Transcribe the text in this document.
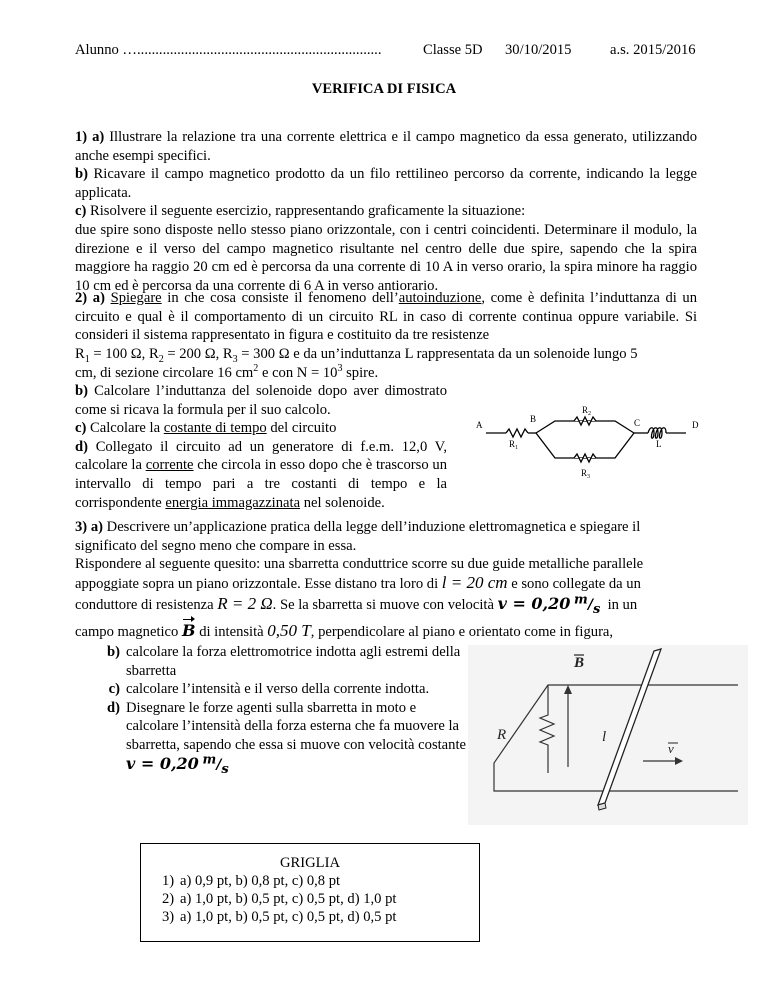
Alunno …...................................................................	Classe 5D 30/10/2015	a.s. 2015/2016
VERIFICA DI FISICA
1) a) Illustrare la relazione tra una corrente elettrica e il campo magnetico da essa generato, utilizzando anche esempi specifici.
b) Ricavare il campo magnetico prodotto da un filo rettilineo percorso da corrente, indicando la legge applicata.
c) Risolvere il seguente esercizio, rappresentando graficamente la situazione:
due spire sono disposte nello stesso piano orizzontale, con i centri coincidenti. Determinare il modulo, la direzione e il verso del campo magnetico risultante nel centro delle due spire, sapendo che la spira maggiore ha raggio 20 cm ed è percorsa da una corrente di 10 A in verso orario, la spira minore ha raggio 10 cm ed è percorsa da una corrente di 6 A in verso antiorario.
2) a) Spiegare in che cosa consiste il fenomeno dell’autoinduzione, come è definita l’induttanza di un circuito e qual è il comportamento di un circuito RL in caso di corrente continua oppure variabile. Si consideri il sistema rappresentato in figura e costituito da tre resistenze
$R_1 = 100$ Ω, $R_2 = 200$ Ω, $R_3 = 300$ Ω e da un’induttanza L rappresentata da un solenoide lungo 5
cm, di sezione circolare 16 $cm^2$ e con $N = 10^3$ spire.
b) Calcolare l’induttanza del solenoide dopo aver dimostrato come si ricava la formula per il suo calcolo.
c) Calcolare la costante di tempo del circuito
d) Collegato il circuito ad un generatore di f.e.m. 12,0 V, calcolare la corrente che circola in esso dopo che è trascorso un intervallo di tempo pari a tre costanti di tempo e la corrispondente energia immagazzinata nel solenoide.
A
B	C	D
R 1
R 2
R 3
L
3) a) Descrivere un’applicazione pratica della legge dell’induzione elettromagnetica e spiegare il significato del segno meno che compare in essa.
Rispondere al seguente quesito: una sbarretta conduttrice scorre su due guide metalliche parallele appoggiate sopra un piano orizzontale. Esse distano tra loro di l = 20 cm e sono collegate da un
conduttore di resistenza R = 2 Ω. Se la sbarretta si muove con velocità v = 0,20 $^m/_s$ in un
campo magnetico B di intensità 0,50 T, perpendicolare al piano e orientato come in figura,
b) calcolare la forza elettromotrice indotta agli estremi della sbarretta
c) calcolare l’intensità e il verso della corrente indotta.
d) Disegnare le forze agenti sulla sbarretta in moto e calcolare l’intensità della forza esterna che fa muovere la sbarretta, sapendo che essa si muove con velocità costante v = 0,20 $^m/_s$
B
R	l
v
GRIGLIA
1) a) 0,9 pt, b) 0,8 pt, c) 0,8 pt
2) a) 1,0 pt, b) 0,5 pt, c) 0,5 pt, d) 1,0 pt
3) a) 1,0 pt, b) 0,5 pt, c) 0,5 pt, d) 0,5 pt
